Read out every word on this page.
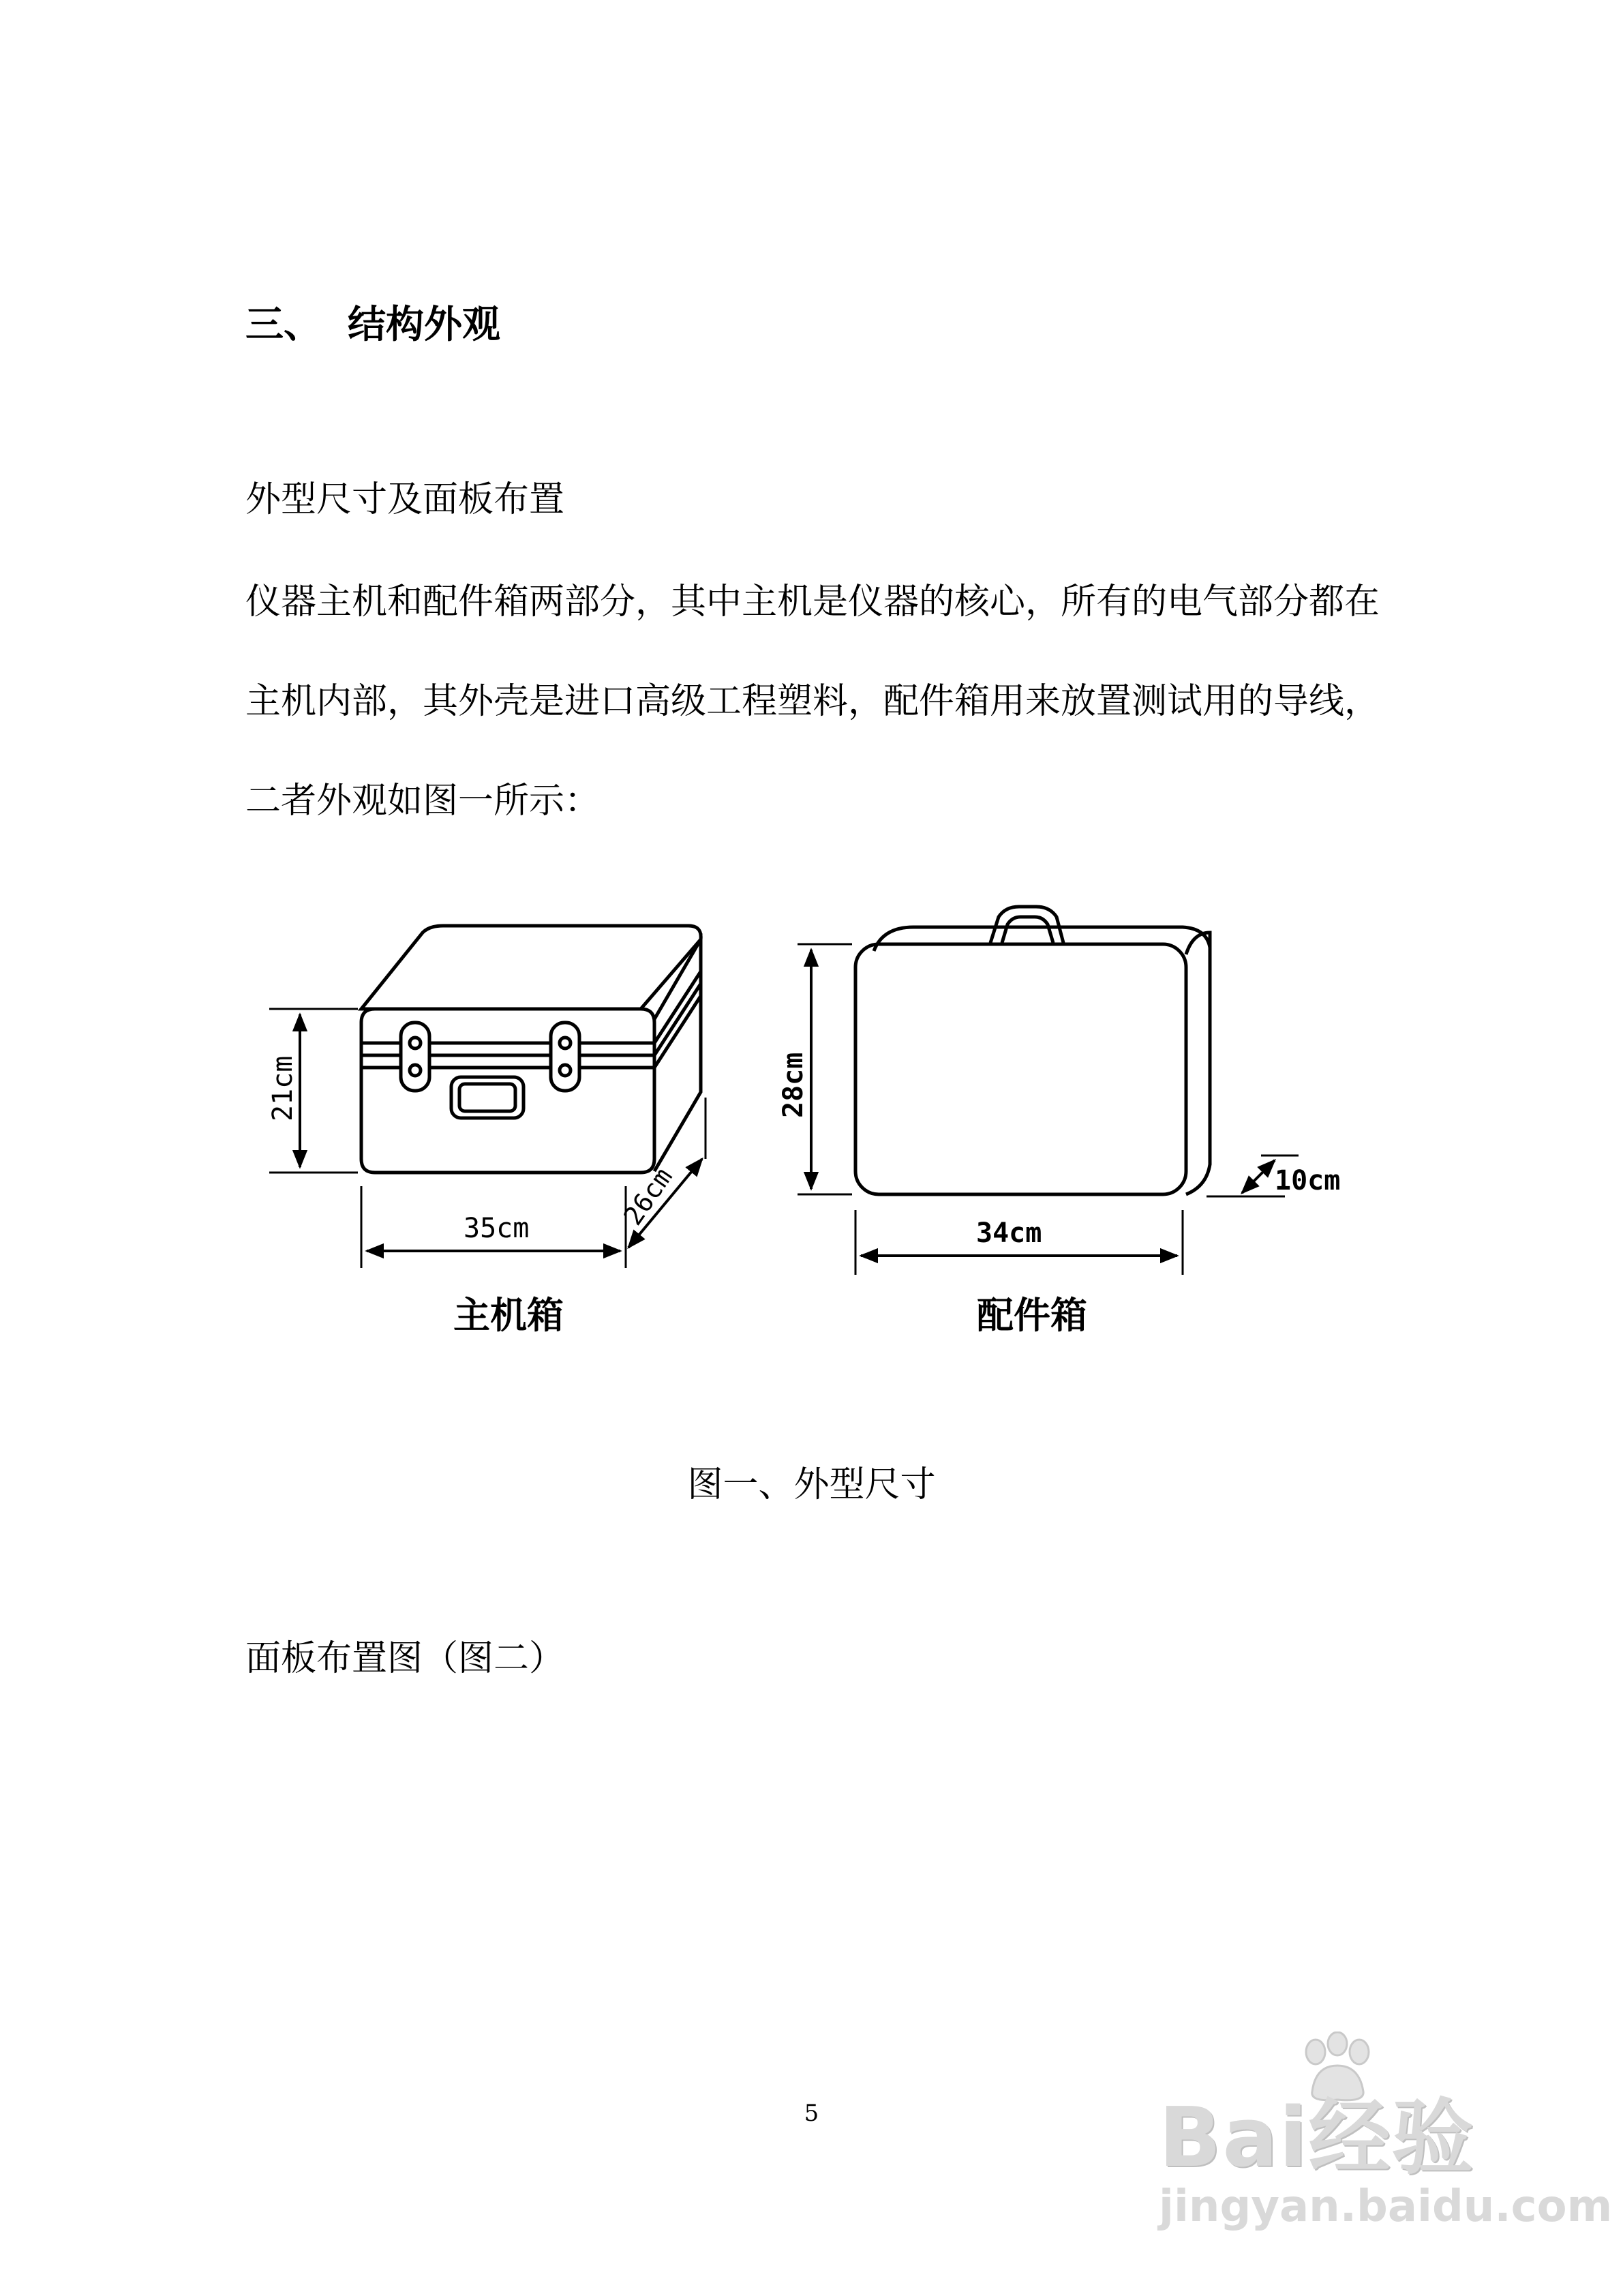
三、 结构外观
外型尺寸及面板布置
仪器主机和配件箱两部分，其中主机是仪器的核心，所有的电气部分都在主机内部，其外壳是进口高级工程塑料，配件箱用来放置测试用的导线，二者外观如图一所示：
21cm
35cm	26cm
主机箱
28cm
34cm
10cm
配件箱
图一、外型尺寸
面板布置图（图二）
5	Bai经验
jingyan.baidu.com
